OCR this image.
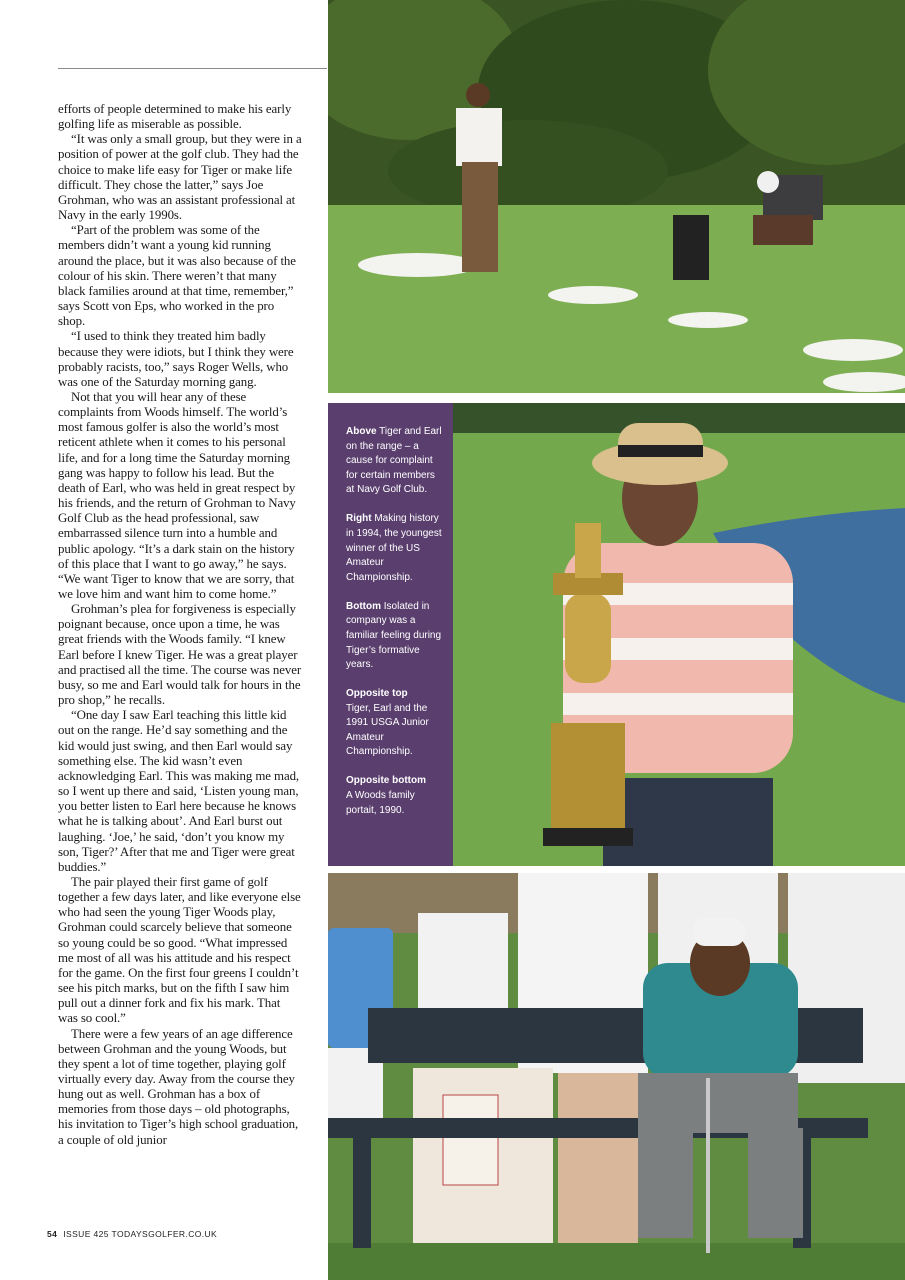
efforts of people determined to make his early golfing life as miserable as possible.

“It was only a small group, but they were in a position of power at the golf club. They had the choice to make life easy for Tiger or make life difficult. They chose the latter,” says Joe Grohman, who was an assistant professional at Navy in the early 1990s.

“Part of the problem was some of the members didn’t want a young kid running around the place, but it was also because of the colour of his skin. There weren’t that many black families around at that time, remember,” says Scott von Eps, who worked in the pro shop.

“I used to think they treated him badly because they were idiots, but I think they were probably racists, too,” says Roger Wells, who was one of the Saturday morning gang.

Not that you will hear any of these complaints from Woods himself. The world’s most famous golfer is also the world’s most reticent athlete when it comes to his personal life, and for a long time the Saturday morning gang was happy to follow his lead. But the death of Earl, who was held in great respect by his friends, and the return of Grohman to Navy Golf Club as the head professional, saw embarrassed silence turn into a humble and public apology. “It’s a dark stain on the history of this place that I want to go away,” he says. “We want Tiger to know that we are sorry, that we love him and want him to come home.”

Grohman’s plea for forgiveness is especially poignant because, once upon a time, he was great friends with the Woods family. “I knew Earl before I knew Tiger. He was a great player and practised all the time. The course was never busy, so me and Earl would talk for hours in the pro shop,” he recalls.

“One day I saw Earl teaching this little kid out on the range. He’d say something and the kid would just swing, and then Earl would say something else. The kid wasn’t even acknowledging Earl. This was making me mad, so I went up there and said, ‘Listen young man, you better listen to Earl here because he knows what he is talking about’. And Earl burst out laughing. ‘Joe,’ he said, ‘don’t you know my son, Tiger?’ After that me and Tiger were great buddies.”

The pair played their first game of golf together a few days later, and like everyone else who had seen the young Tiger Woods play, Grohman could scarcely believe that someone so young could be so good. “What impressed me most of all was his attitude and his respect for the game. On the first four greens I couldn’t see his pitch marks, but on the fifth I saw him pull out a dinner fork and fix his mark. That was so cool.”

There were a few years of an age difference between Grohman and the young Woods, but they spent a lot of time together, playing golf virtually every day. Away from the course they hung out as well. Grohman has a box of memories from those days – old photographs, his invitation to Tiger’s high school graduation, a couple of old junior

54 ISSUE 425 TODAYSGOLFER.CO.UK

Above Tiger and Earl on the range – a cause for complaint for certain members at Navy Golf Club.

Right Making history in 1994, the youngest winner of the US Amateur Championship.

Bottom Isolated in company was a familiar feeling during Tiger’s formative years.

Opposite top
Tiger, Earl and the 1991 USGA Junior Amateur Championship.

Opposite bottom
A Woods family portait, 1990.
